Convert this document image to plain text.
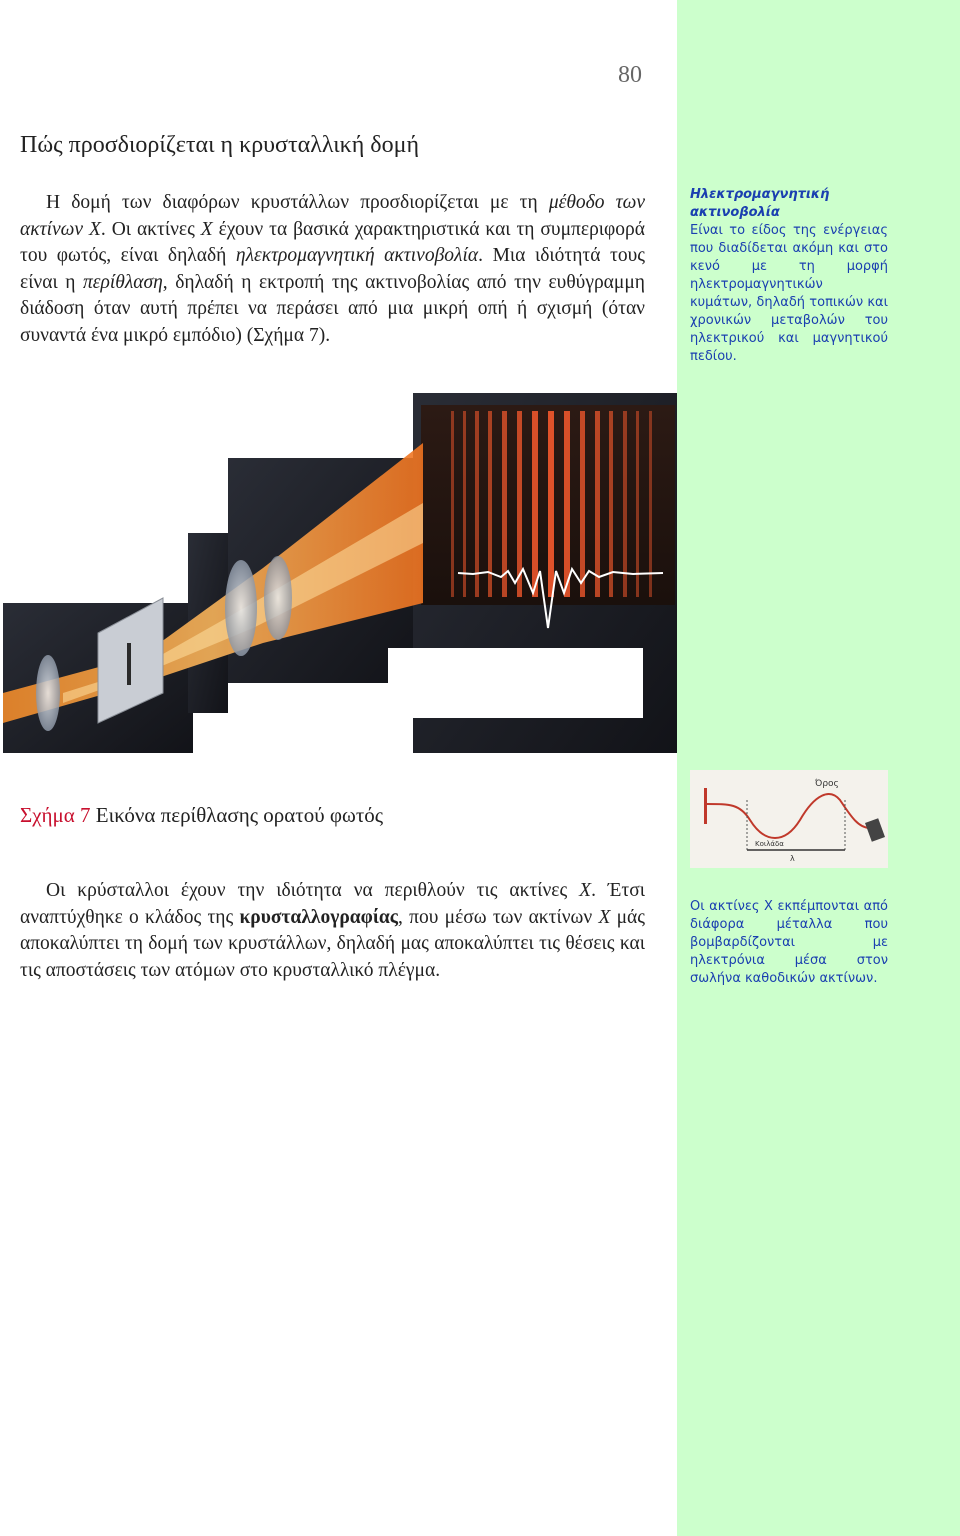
80
Πώς προσδιορίζεται η κρυσταλλική δομή

Η δομή των διαφόρων κρυστάλλων προσδιορίζεται με τη μέθοδο των ακτίνων Χ. Οι ακτίνες Χ έχουν τα βασικά χαρακτηριστικά και τη συμπεριφορά του φωτός, είναι δηλαδή ηλεκτρομαγνητική ακτινοβολία. Μια ιδιότητά τους είναι η περίθλαση, δηλαδή η εκτροπή της ακτινοβολίας από την ευθύγραμμη διάδοση όταν αυτή πρέπει να περάσει από μια μικρή οπή ή σχισμή (όταν συναντά ένα μικρό εμπόδιο) (Σχήμα 7).

Όρος
Κοιλάδα
λ

Σχήμα 7 Εικόνα περίθλασης ορατού φωτός

Οι κρύσταλλοι έχουν την ιδιότητα να περιθλούν τις ακτίνες Χ. Έτσι αναπτύχθηκε ο κλάδος της κρυσταλλογραφίας, που μέσω των ακτίνων Χ μάς αποκαλύπτει τη δομή των κρυστάλλων, δηλαδή μας αποκαλύπτει τις θέσεις και τις αποστάσεις των ατόμων στο κρυσταλλικό πλέγμα.

Ηλεκτρομαγνητική ακτινοβολία
Είναι το είδος της ενέργειας που διαδίδεται ακόμη και στο κενό με τη μορφή ηλεκτρομαγνητικών κυμάτων, δηλαδή τοπικών και χρονικών μεταβολών του ηλεκτρικού και μαγνητικού πεδίου.
Οι ακτίνες Χ εκπέμπονται από διάφορα μέταλλα που βομβαρδίζονται με ηλεκτρόνια μέσα στον σωλήνα καθοδικών ακτίνων.
